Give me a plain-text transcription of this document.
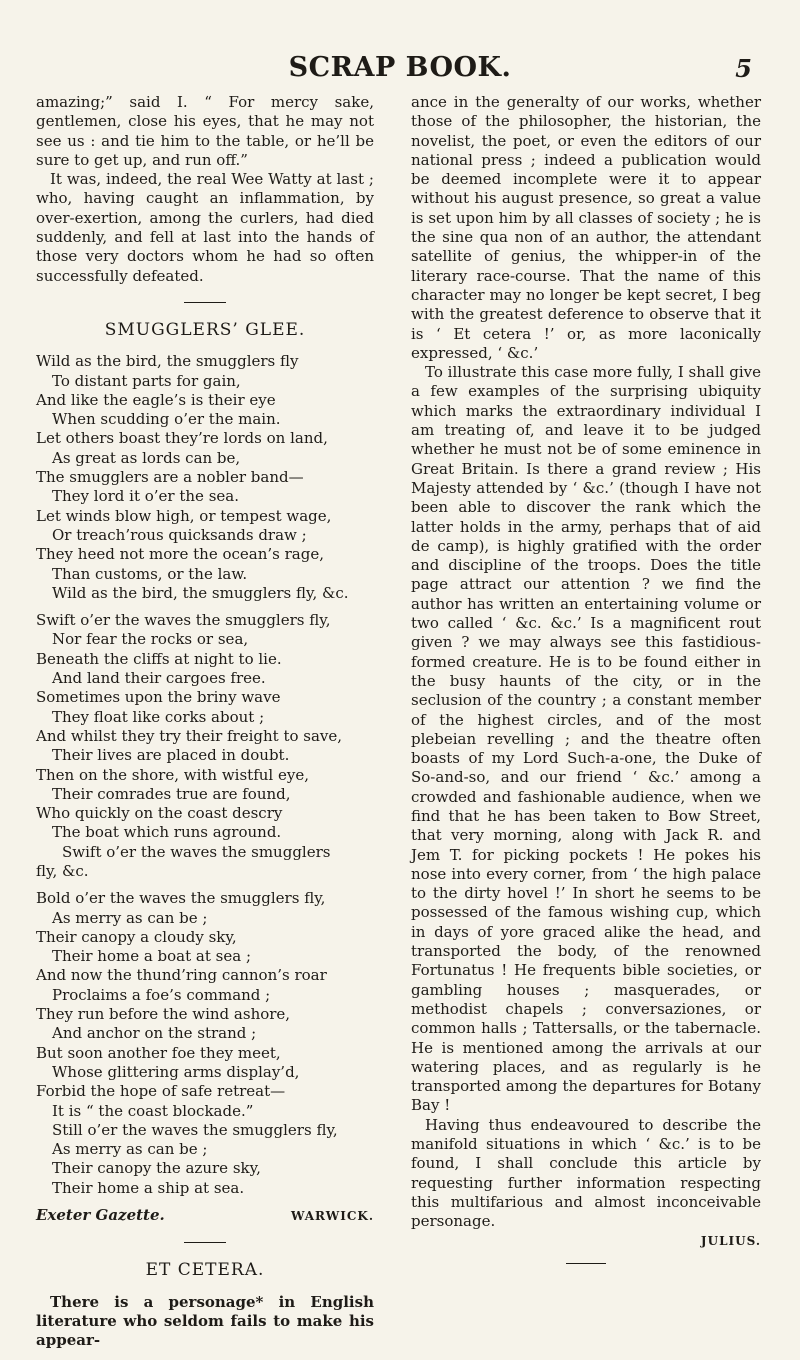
SCRAP BOOK.	5

amazing;” said I. “ For mercy sake, gentlemen, close his eyes, that he may not see us : and tie him to the table, or he’ll be sure to get up, and run off.”

It was, indeed, the real Wee Watty at last ; who, having caught an inflammation, by over-exertion, among the curlers, had died suddenly, and fell at last into the hands of those very doctors whom he had so often successfully defeated.

SMUGGLERS’ GLEE.
Wild as the bird, the smugglers fly
To distant parts for gain,
And like the eagle’s is their eye
When scudding o’er the main.
Let others boast they’re lords on land,
As great as lords can be,
The smugglers are a nobler band—
They lord it o’er the sea.
Let winds blow high, or tempest wage,
Or treach’rous quicksands draw ;
They heed not more the ocean’s rage,
Than customs, or the law.
Wild as the bird, the smugglers fly, &c.
Swift o’er the waves the smugglers fly,
Nor fear the rocks or sea,
Beneath the cliffs at night to lie.
And land their cargoes free.
Sometimes upon the briny wave
They float like corks about ;
And whilst they try their freight to save,
Their lives are placed in doubt.
Then on the shore, with wistful eye,
Their comrades true are found,
Who quickly on the coast descry
The boat which runs aground.
Swift o’er the waves the smugglers
fly, &c.
Bold o’er the waves the smugglers fly,
As merry as can be ;
Their canopy a cloudy sky,
Their home a boat at sea ;
And now the thund’ring cannon’s roar
Proclaims a foe’s command ;
They run before the wind ashore,
And anchor on the strand ;
But soon another foe they meet,
Whose glittering arms display’d,
Forbid the hope of safe retreat—
It is “ the coast blockade.”
Still o’er the waves the smugglers fly,
As merry as can be ;
Their canopy the azure sky,
Their home a ship at sea.
Exeter Gazette.	WARWICK.
ET CETERA.

There is a personage* in English literature who seldom fails to make his appear-

ance in the generalty of our works, whether those of the philosopher, the historian, the novelist, the poet, or even the editors of our national press ; indeed a publication would be deemed incomplete were it to appear without his august presence, so great a value is set upon him by all classes of society ; he is the sine qua non of an author, the attendant satellite of genius, the whipper-in of the literary race-course. That the name of this character may no longer be kept secret, I beg with the greatest deference to observe that it is ‘ Et cetera !’ or, as more laconically expressed, ‘ &c.’

To illustrate this case more fully, I shall give a few examples of the surprising ubiquity which marks the extraordinary individual I am treating of, and leave it to be judged whether he must not be of some eminence in Great Britain. Is there a grand review ; His Majesty attended by ‘ &c.’ (though I have not been able to discover the rank which the latter holds in the army, perhaps that of aid de camp), is highly gratified with the order and discipline of the troops. Does the title page attract our attention ? we find the author has written an entertaining volume or two called ‘ &c. &c.’ Is a magnificent rout given ? we may always see this fastidious-formed creature. He is to be found either in the busy haunts of the city, or in the seclusion of the country ; a constant member of the highest circles, and of the most plebeian revelling ; and the theatre often boasts of my Lord Such-a-one, the Duke of So-and-so, and our friend ‘ &c.’ among a crowded and fashionable audience, when we find that he has been taken to Bow Street, that very morning, along with Jack R. and Jem T. for picking pockets ! He pokes his nose into every corner, from ‘ the high palace to the dirty hovel !’ In short he seems to be possessed of the famous wishing cup, which in days of yore graced alike the head, and transported the body, of the renowned Fortunatus ! He frequents bible societies, or gambling houses ; masquerades, or methodist chapels ; conversaziones, or common halls ; Tattersalls, or the tabernacle. He is mentioned among the arrivals at our watering places, and as regularly is he transported among the departures for Botany Bay !

Having thus endeavoured to describe the manifold situations in which ‘ &c.’ is to be found, I shall conclude this article by requesting further information respecting this multifarious and almost inconceivable personage.

JULIUS.
